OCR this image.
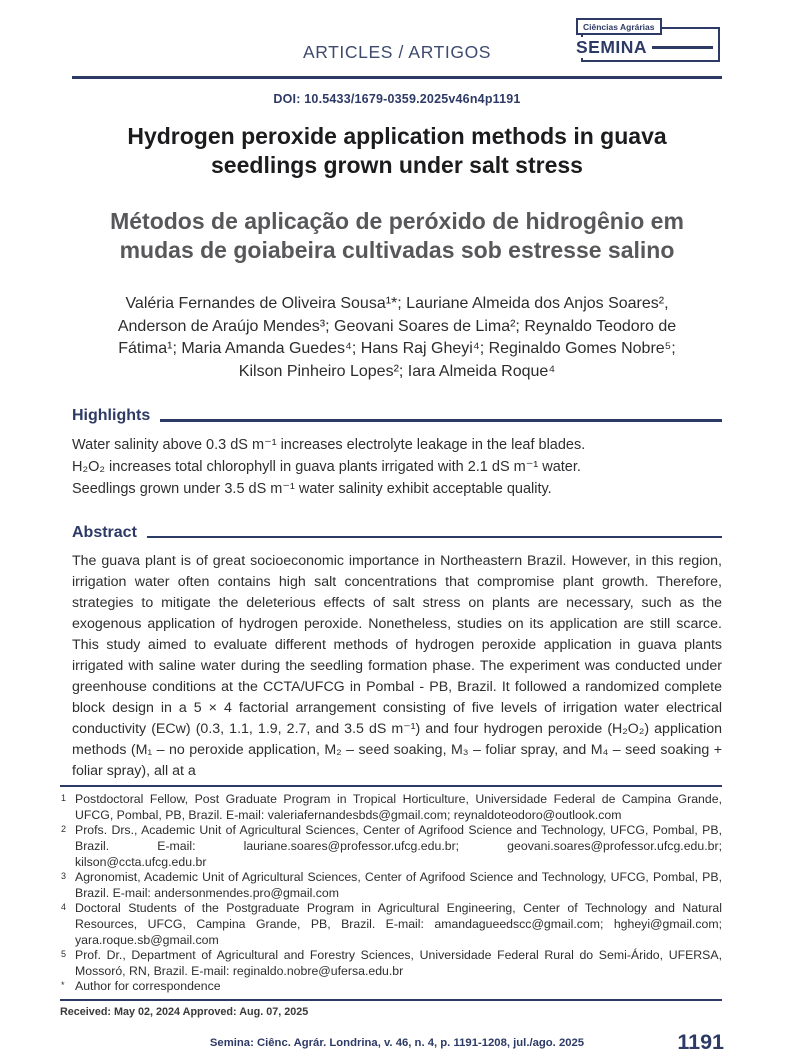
ARTICLES / ARTIGOS
Ciências Agrárias
SEMINA
DOI: 10.5433/1679-0359.2025v46n4p1191
Hydrogen peroxide application methods in guava seedlings grown under salt stress
Métodos de aplicação de peróxido de hidrogênio em mudas de goiabeira cultivadas sob estresse salino
Valéria Fernandes de Oliveira Sousa¹*; Lauriane Almeida dos Anjos Soares²,
Anderson de Araújo Mendes³; Geovani Soares de Lima²; Reynaldo Teodoro de
Fátima¹; Maria Amanda Guedes⁴; Hans Raj Gheyi⁴; Reginaldo Gomes Nobre⁵;
Kilson Pinheiro Lopes²; Iara Almeida Roque⁴
Highlights
Water salinity above 0.3 dS m⁻¹ increases electrolyte leakage in the leaf blades.
H₂O₂ increases total chlorophyll in guava plants irrigated with 2.1 dS m⁻¹ water.
Seedlings grown under 3.5 dS m⁻¹ water salinity exhibit acceptable quality.
Abstract

The guava plant is of great socioeconomic importance in Northeastern Brazil. However, in this region, irrigation water often contains high salt concentrations that compromise plant growth. Therefore, strategies to mitigate the deleterious effects of salt stress on plants are necessary, such as the exogenous application of hydrogen peroxide. Nonetheless, studies on its application are still scarce. This study aimed to evaluate different methods of hydrogen peroxide application in guava plants irrigated with saline water during the seedling formation phase. The experiment was conducted under greenhouse conditions at the CCTA/UFCG in Pombal - PB, Brazil. It followed a randomized complete block design in a 5 × 4 factorial arrangement consisting of five levels of irrigation water electrical conductivity (ECw) (0.3, 1.1, 1.9, 2.7, and 3.5 dS m⁻¹) and four hydrogen peroxide (H₂O₂) application methods (M₁ – no peroxide application, M₂ – seed soaking, M₃ – foliar spray, and M₄ – seed soaking + foliar spray), all at a

1 Postdoctoral Fellow, Post Graduate Program in Tropical Horticulture, Universidade Federal de Campina Grande, UFCG, Pombal, PB, Brazil. E-mail: valeriafernandesbds@gmail.com; reynaldoteodoro@outlook.com
2 Profs. Drs., Academic Unit of Agricultural Sciences, Center of Agrifood Science and Technology, UFCG, Pombal, PB, Brazil. E-mail: lauriane.soares@professor.ufcg.edu.br; geovani.soares@professor.ufcg.edu.br; kilson@ccta.ufcg.edu.br
3 Agronomist, Academic Unit of Agricultural Sciences, Center of Agrifood Science and Technology, UFCG, Pombal, PB, Brazil. E-mail: andersonmendes.pro@gmail.com
4 Doctoral Students of the Postgraduate Program in Agricultural Engineering, Center of Technology and Natural Resources, UFCG, Campina Grande, PB, Brazil. E-mail: amandagueedscc@gmail.com; hgheyi@gmail.com; yara.roque.sb@gmail.com
5 Prof. Dr., Department of Agricultural and Forestry Sciences, Universidade Federal Rural do Semi-Árido, UFERSA, Mossoró, RN, Brazil. E-mail: reginaldo.nobre@ufersa.edu.br
* Author for correspondence
Received: May 02, 2024 Approved: Aug. 07, 2025
Semina: Ciênc. Agrár. Londrina, v. 46, n. 4, p. 1191-1208, jul./ago. 2025	1191
